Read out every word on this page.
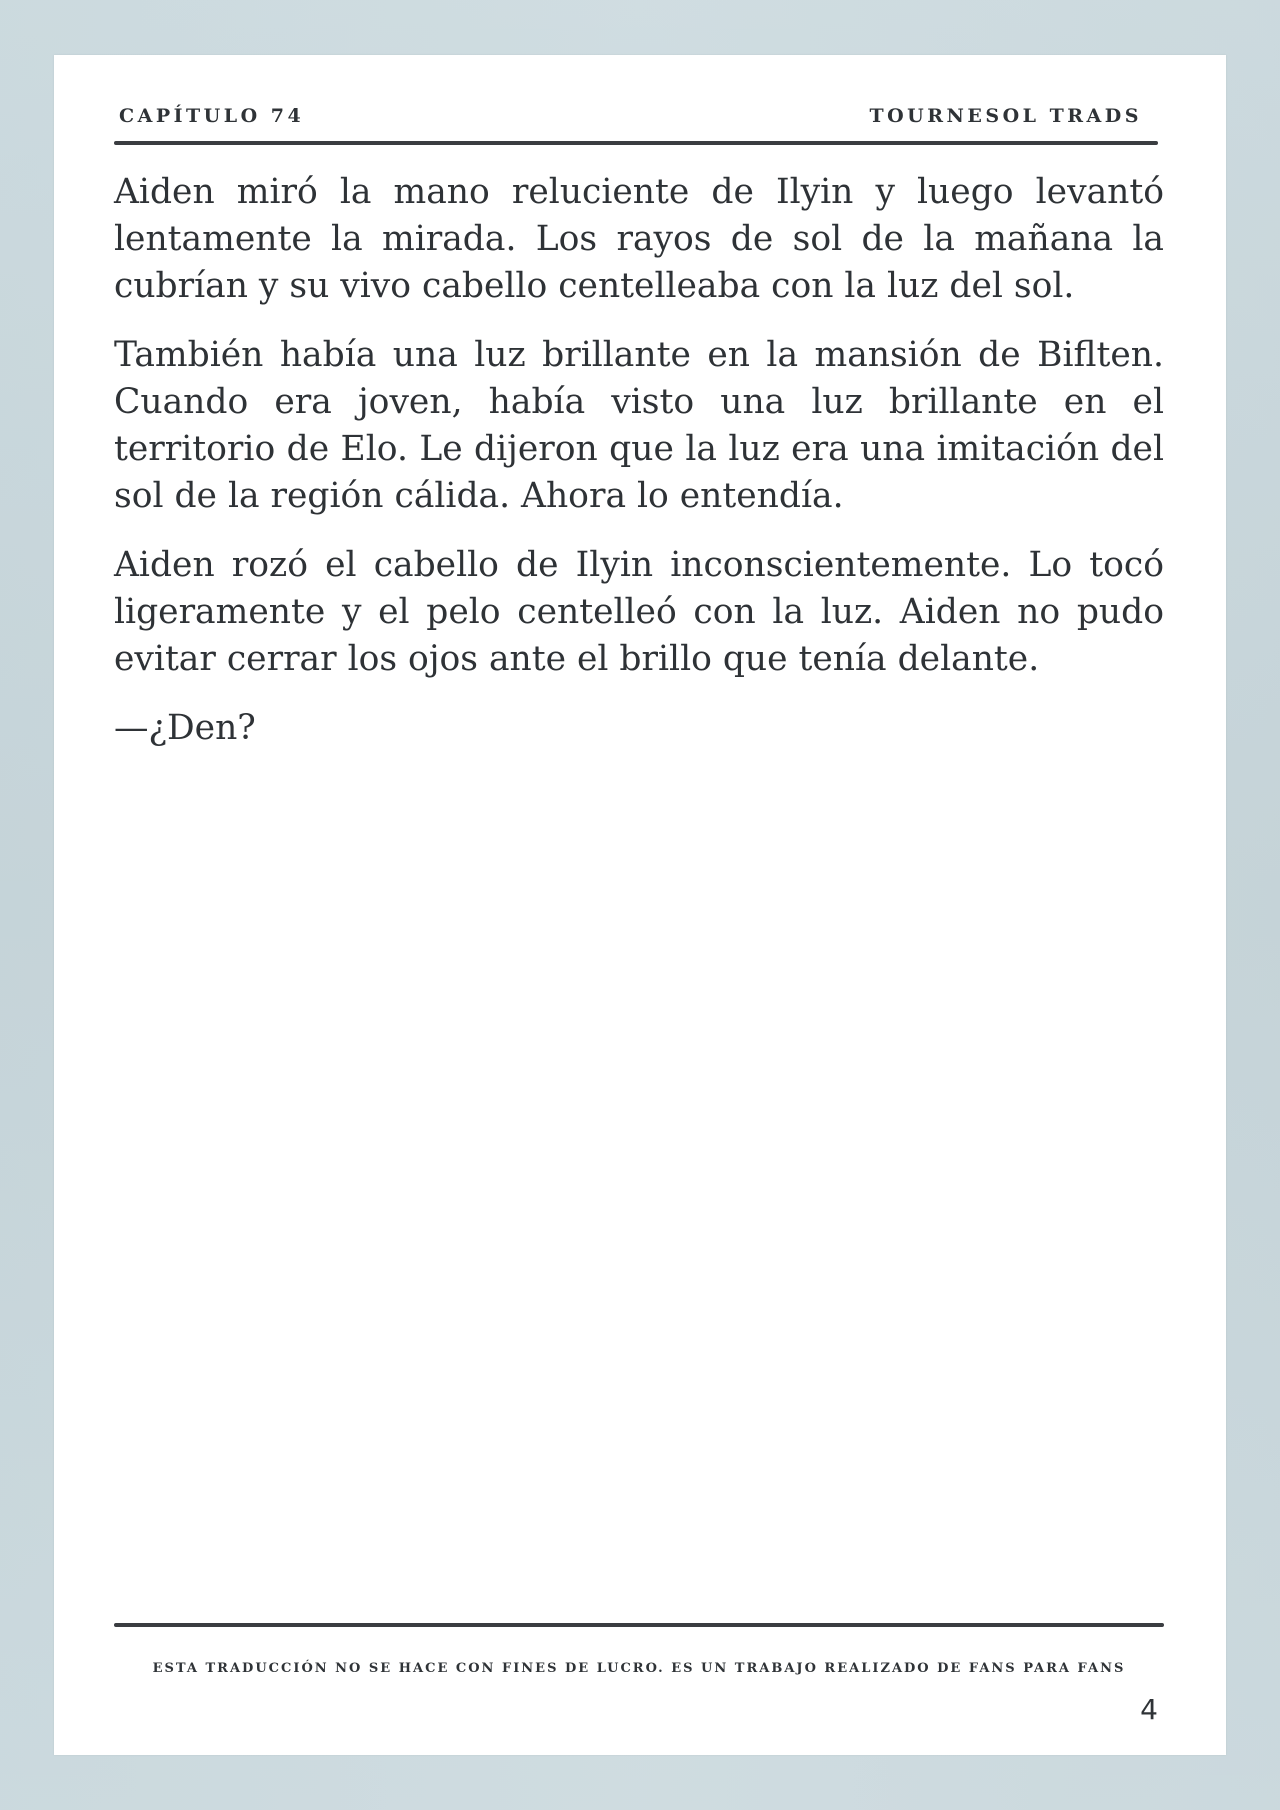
CAPÍTULO 74	TOURNESOL TRADS

Aiden miró la mano reluciente de Ilyin y luego levantó lentamente la mirada. Los rayos de sol de la mañana la cubrían y su vivo cabello centelleaba con la luz del sol.

También había una luz brillante en la mansión de Biflten. Cuando era joven, había visto una luz brillante en el territorio de Elo. Le dijeron que la luz era una imitación del sol de la región cálida. Ahora lo entendía.

Aiden rozó el cabello de Ilyin inconscientemente. Lo tocó ligeramente y el pelo centelleó con la luz. Aiden no pudo evitar cerrar los ojos ante el brillo que tenía delante.

—¿Den?

ESTA TRADUCCIÓN NO SE HACE CON FINES DE LUCRO. ES UN TRABAJO REALIZADO DE FANS PARA FANS
4
